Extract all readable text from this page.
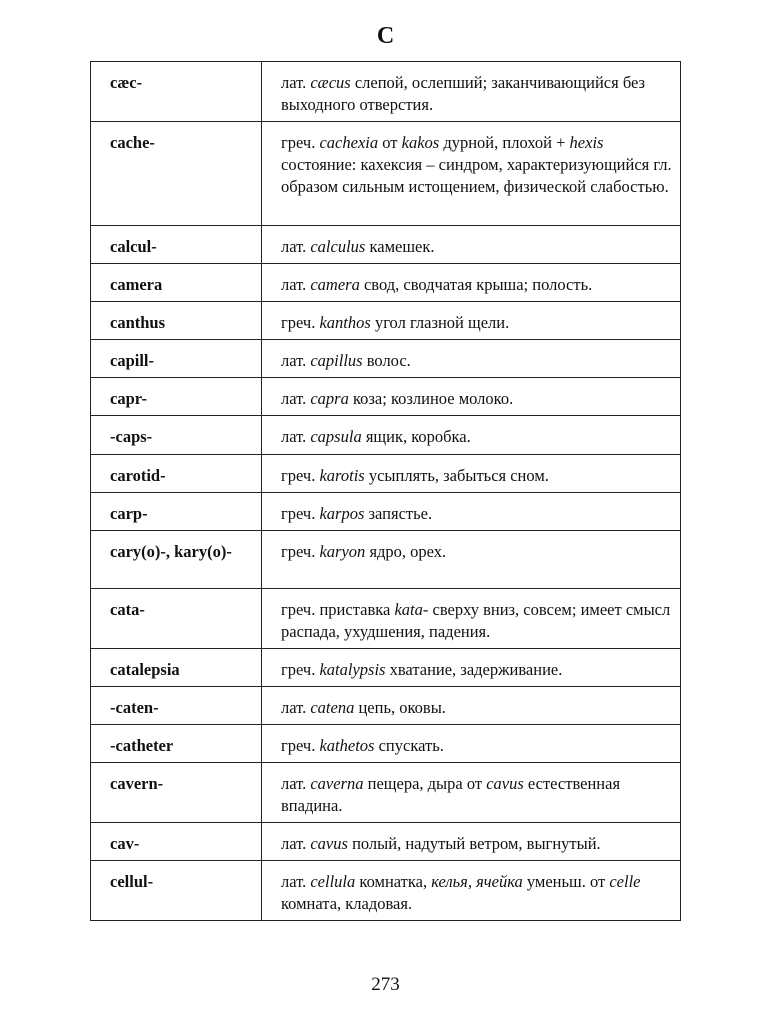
C
cæc-	лат. cæcus слепой, ослепший; заканчивающийся без выходного отверстия.
cache-	греч. cachexia от kakos дурной, плохой + hexis состояние: кахексия – синдром, характеризующийся гл. образом сильным истощением, физической слабостью.
calcul-	лат. calculus камешек.
camera	лат. camera свод, сводчатая крыша; полость.
canthus	греч. kanthos угол глазной щели.
capill-	лат. capillus волос.
capr-	лат. capra коза; козлиное молоко.
-caps-	лат. capsula ящик, коробка.
carotid-	греч. karotis усыплять, забыться сном.
carp-	греч. karpos запястье.
cary(o)-, kary(o)-	греч. karyon ядро, орех.
cata-	греч. приставка kata- сверху вниз, совсем; имеет смысл распада, ухудшения, падения.
catalepsia	греч. katalypsis хватание, задерживание.
-caten-	лат. catena цепь, оковы.
-catheter	греч. kathetos спускать.
cavern-	лат. caverna пещера, дыра от cavus естественная впадина.
cav-	лат. cavus полый, надутый ветром, выгнутый.
cellul-	лат. cellula комнатка, келья, ячейка уменьш. от celle комната, кладовая.
273
